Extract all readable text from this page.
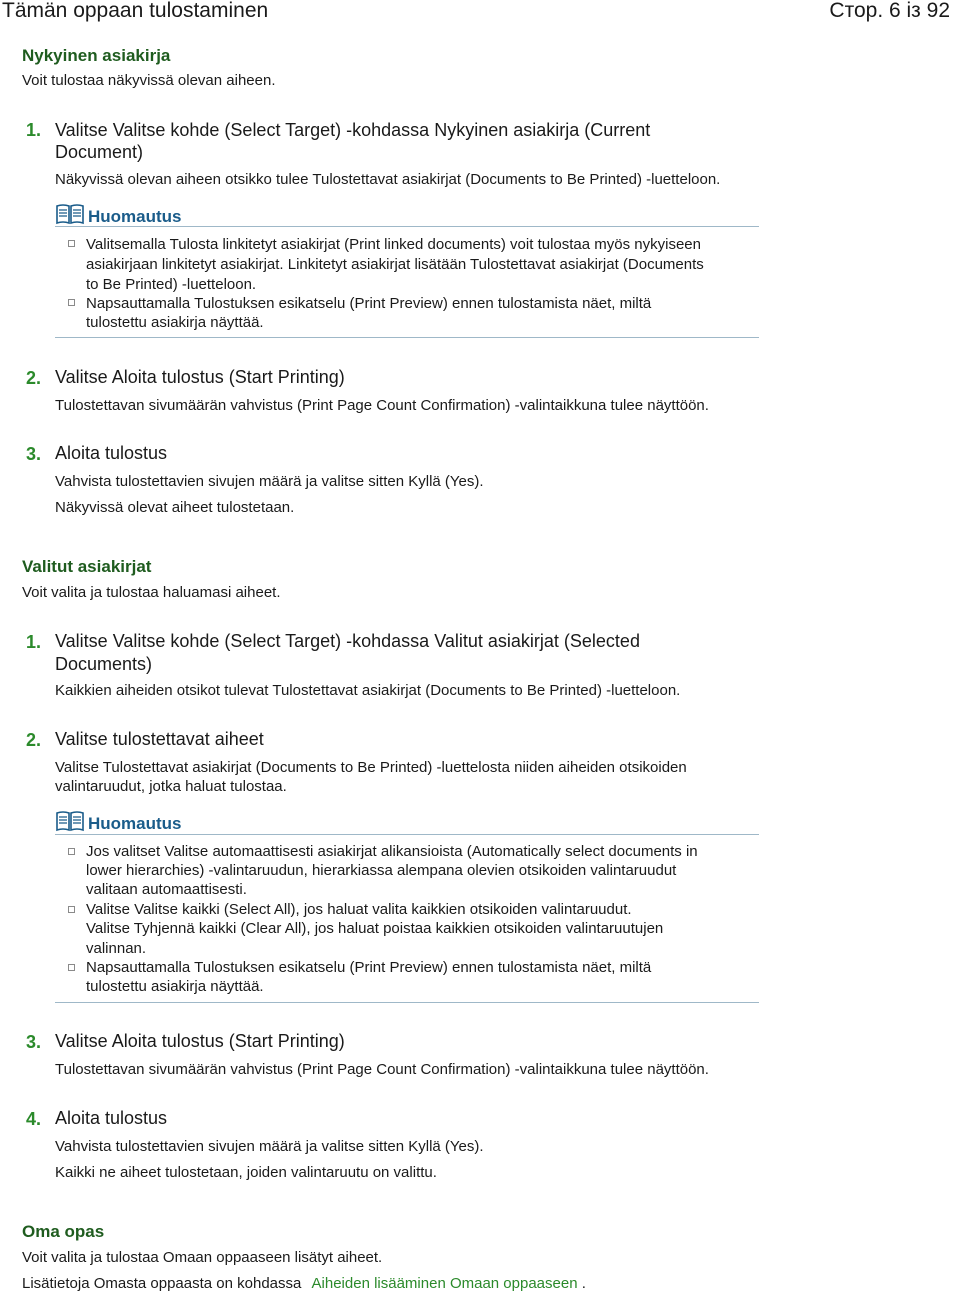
Tämän oppaan tulostaminen	Стор. 6 із 92
Nykyinen asiakirja
Voit tulostaa näkyvissä olevan aiheen.
1. Valitse Valitse kohde (Select Target) -kohdassa Nykyinen asiakirja (Current
Document)
Näkyvissä olevan aiheen otsikko tulee Tulostettavat asiakirjat (Documents to Be Printed) -luetteloon.
Huomautus
Valitsemalla Tulosta linkitetyt asiakirjat (Print linked documents) voit tulostaa myös nykyiseen
asiakirjaan linkitetyt asiakirjat. Linkitetyt asiakirjat lisätään Tulostettavat asiakirjat (Documents
to Be Printed) -luetteloon.
Napsauttamalla Tulostuksen esikatselu (Print Preview) ennen tulostamista näet, miltä
tulostettu asiakirja näyttää.
2. Valitse Aloita tulostus (Start Printing)
Tulostettavan sivumäärän vahvistus (Print Page Count Confirmation) -valintaikkuna tulee näyttöön.
3. Aloita tulostus
Vahvista tulostettavien sivujen määrä ja valitse sitten Kyllä (Yes).
Näkyvissä olevat aiheet tulostetaan.
Valitut asiakirjat
Voit valita ja tulostaa haluamasi aiheet.
1. Valitse Valitse kohde (Select Target) -kohdassa Valitut asiakirjat (Selected
Documents)
Kaikkien aiheiden otsikot tulevat Tulostettavat asiakirjat (Documents to Be Printed) -luetteloon.
2. Valitse tulostettavat aiheet
Valitse Tulostettavat asiakirjat (Documents to Be Printed) -luettelosta niiden aiheiden otsikoiden
valintaruudut, jotka haluat tulostaa.
Huomautus
Jos valitset Valitse automaattisesti asiakirjat alikansioista (Automatically select documents in
lower hierarchies) -valintaruudun, hierarkiassa alempana olevien otsikoiden valintaruudut
valitaan automaattisesti.
Valitse Valitse kaikki (Select All), jos haluat valita kaikkien otsikoiden valintaruudut.
Valitse Tyhjennä kaikki (Clear All), jos haluat poistaa kaikkien otsikoiden valintaruutujen
valinnan.
Napsauttamalla Tulostuksen esikatselu (Print Preview) ennen tulostamista näet, miltä
tulostettu asiakirja näyttää.
3. Valitse Aloita tulostus (Start Printing)
Tulostettavan sivumäärän vahvistus (Print Page Count Confirmation) -valintaikkuna tulee näyttöön.
4. Aloita tulostus
Vahvista tulostettavien sivujen määrä ja valitse sitten Kyllä (Yes).
Kaikki ne aiheet tulostetaan, joiden valintaruutu on valittu.
Oma opas
Voit valita ja tulostaa Omaan oppaaseen lisätyt aiheet.
Lisätietoja Omasta oppaasta on kohdassa Aiheiden lisääminen Omaan oppaaseen .
